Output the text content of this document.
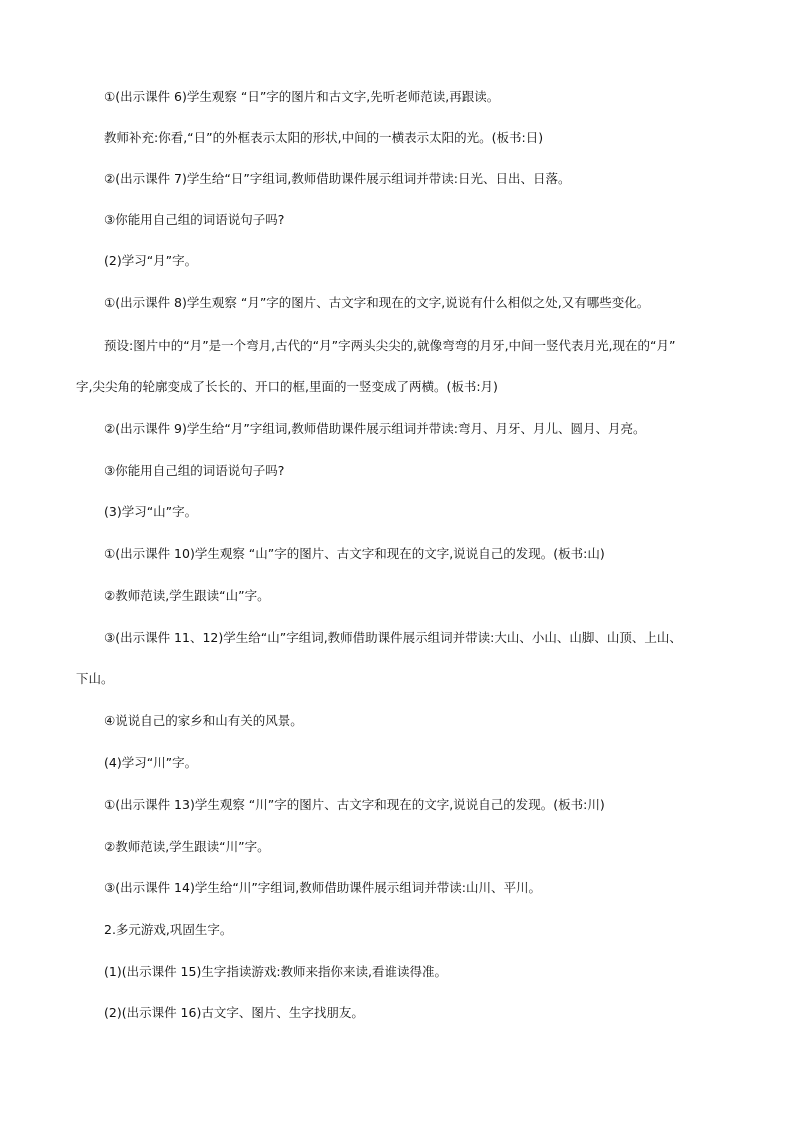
①(出示课件 6)学生观察 “日”字的图片和古文字,先听老师范读,再跟读。
教师补充:你看,“日”的外框表示太阳的形状,中间的一横表示太阳的光。(板书:日)
②(出示课件 7)学生给“日”字组词,教师借助课件展示组词并带读:日光、日出、日落。
③你能用自己组的词语说句子吗?
(2)学习“月”字。
①(出示课件 8)学生观察 “月”字的图片、古文字和现在的文字,说说有什么相似之处,又有哪些变化。
预设:图片中的“月”是一个弯月,古代的“月”字两头尖尖的,就像弯弯的月牙,中间一竖代表月光,现在的“月”
字,尖尖角的轮廓变成了长长的、开口的框,里面的一竖变成了两横。(板书:月)
②(出示课件 9)学生给“月”字组词,教师借助课件展示组词并带读:弯月、月牙、月儿、圆月、月亮。
③你能用自己组的词语说句子吗?
(3)学习“山”字。
①(出示课件 10)学生观察 “山”字的图片、古文字和现在的文字,说说自己的发现。(板书:山)
②教师范读,学生跟读“山”字。
③(出示课件 11、12)学生给“山”字组词,教师借助课件展示组词并带读:大山、小山、山脚、山顶、上山、
下山。
④说说自己的家乡和山有关的风景。
(4)学习“川”字。
①(出示课件 13)学生观察 “川”字的图片、古文字和现在的文字,说说自己的发现。(板书:川)
②教师范读,学生跟读“川”字。
③(出示课件 14)学生给“川”字组词,教师借助课件展示组词并带读:山川、平川。
2.多元游戏,巩固生字。
(1)(出示课件 15)生字指读游戏:教师来指你来读,看谁读得准。
(2)(出示课件 16)古文字、图片、生字找朋友。
